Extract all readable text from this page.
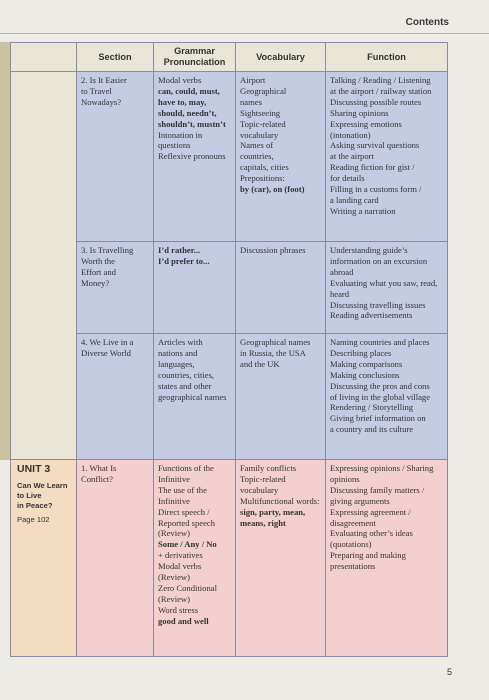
Contents
Section
Grammar
Pronunciation
Vocabulary	Function
2. Is It Easier
to Travel
Nowadays?
Modal verbs
can, could, must,
have to, may,
should, needn’t,
shouldn’t, mustn’t
Intonation in
questions
Reflexive pronouns
Airport
Geographical
names
Sightseeing
Topic-related
vocabulary
Names of
countries,
capitals, cities
Prepositions:
by (car), on (foot)
Talking / Reading / Listening
at the airport / railway station
Discussing possible routes
Sharing opinions
Expressing emotions
(intonation)
Asking survival questions
at the airport
Reading fiction for gist /
for details
Filling in a customs form /
a landing card
Writing a narration
3. Is Travelling
Worth the
Effort and
Money?
I’d rather...
I’d prefer to...
Discussion phrases	Understanding guide’s
information on an excursion
abroad
Evaluating what you saw, read,
heard
Discussing travelling issues
Reading advertisements
4. We Live in a
Diverse World
Articles with
nations and
languages,
countries, cities,
states and other
geographical names
Geographical names
in Russia, the USA
and the UK
Naming countries and places
Describing places
Making comparisons
Making conclusions
Discussing the pros and cons
of living in the global village
Rendering / Storytelling
Giving brief information on
a country and its culture
UNIT 3
Can We Learn
to Live
in Peace?
Page 102
1. What Is
Conflict?
Functions of the
Infinitive
The use of the
Infinitive
Direct speech /
Reported speech
(Review)
Some / Any / No
+ derivatives
Modal verbs
(Review)
Zero Conditional
(Review)
Word stress
good and well
Family conflicts
Topic-related
vocabulary
Multifunctional words:
sign, party, mean,
means, right
Expressing opinions / Sharing
opinions
Discussing family matters /
giving arguments
Expressing agreement /
disagreement
Evaluating other’s ideas
(quotations)
Preparing and making
presentations
5
